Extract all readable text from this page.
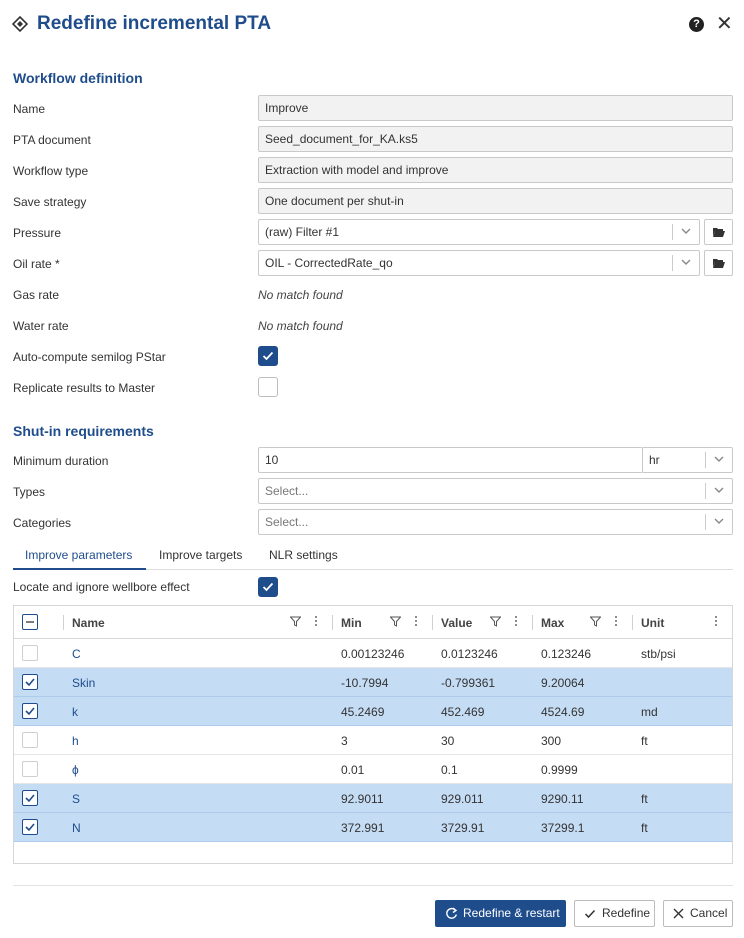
Redefine incremental PTA	? ✕
Workflow definition
Name	Improve
PTA document	Seed_document_for_KA.ks5
Workflow type	Extraction with model and improve
Save strategy	One document per shut-in
Pressure	(raw) Filter #1
Oil rate *	OIL - CorrectedRate_qo
Gas rate	No match found
Water rate	No match found
Auto-compute semilog PStar
Replicate results to Master
Shut-in requirements
Minimum duration	10	hr
Types	Select...
Categories	Select...
Improve parameters Improve targets NLR settings
Locate and ignore wellbore effect
Name	Min	Value	Max	Unit
C	0.00123246	0.0123246	0.123246	stb/psi
Skin	-10.7994	-0.799361	9.20064
k	45.2469	452.469	4524.69	md
h	3	30	300	ft
ϕ	0.01	0.1	0.9999
S	92.9011	929.011	9290.11	ft
N	372.991	3729.91	37299.1	ft
Redefine & restart	Redefine	Cancel
